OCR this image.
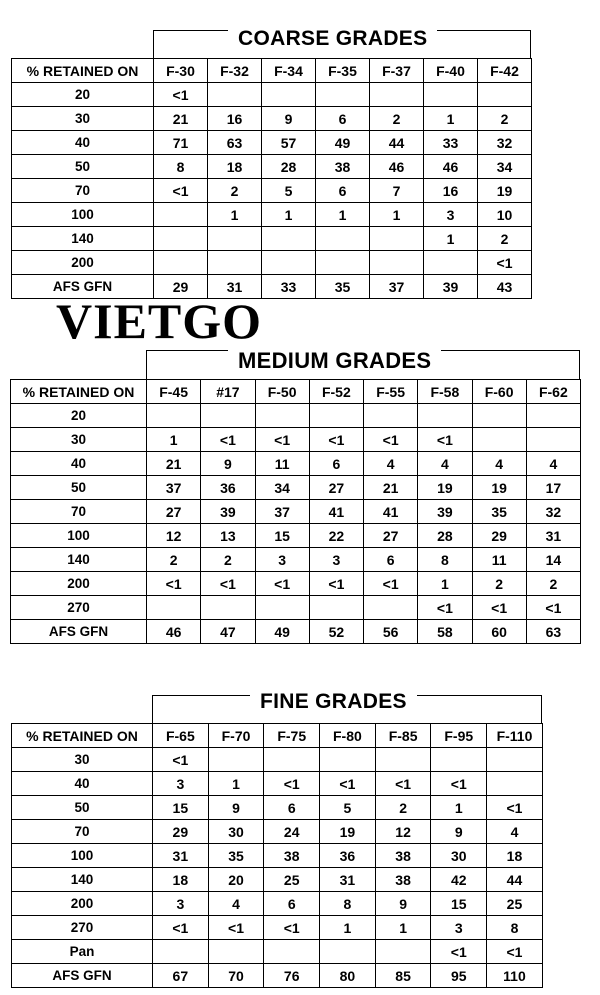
COARSE GRADES
% RETAINED ON	F-30	F-32	F-34	F-35	F-37	F-40	F-42
20	<1						
30	21	16	9	6	2	1	2
40	71	63	57	49	44	33	32
50	8	18	28	38	46	46	34
70	<1	2	5	6	7	16	19
100		1	1	1	1	3	10
140						1	2
200							<1
AFS GFN	29	31	33	35	37	39	43
VIETGO
MEDIUM GRADES
% RETAINED ON	F-45	#17	F-50	F-52	F-55	F-58	F-60	F-62
20								
30	1	<1	<1	<1	<1	<1		
40	21	9	11	6	4	4	4	4
50	37	36	34	27	21	19	19	17
70	27	39	37	41	41	39	35	32
100	12	13	15	22	27	28	29	31
140	2	2	3	3	6	8	11	14
200	<1	<1	<1	<1	<1	1	2	2
270						<1	<1	<1
AFS GFN	46	47	49	52	56	58	60	63
FINE GRADES
% RETAINED ON	F-65	F-70	F-75	F-80	F-85	F-95	F-110
30	<1						
40	3	1	<1	<1	<1	<1	
50	15	9	6	5	2	1	<1
70	29	30	24	19	12	9	4
100	31	35	38	36	38	30	18
140	18	20	25	31	38	42	44
200	3	4	6	8	9	15	25
270	<1	<1	<1	1	1	3	8
Pan						<1	<1
AFS GFN	67	70	76	80	85	95	110
